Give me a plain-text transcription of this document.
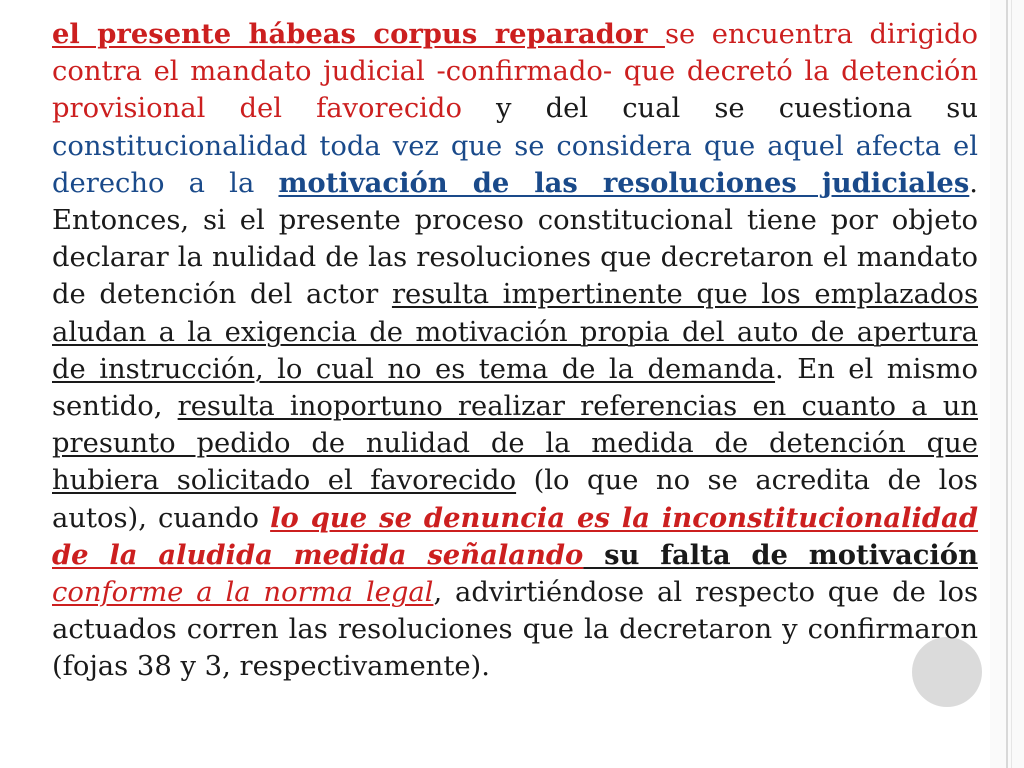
el presente hábeas corpus reparador se encuentra dirigido contra el mandato judicial -confirmado- que decretó la detención provisional del favorecido y del cual se cuestiona su constitucionalidad toda vez que se considera que aquel afecta el derecho a la motivación de las resoluciones judiciales. Entonces, si el presente proceso constitucional tiene por objeto declarar la nulidad de las resoluciones que decretaron el mandato de detención del actor resulta impertinente que los emplazados aludan a la exigencia de motivación propia del auto de apertura de instrucción, lo cual no es tema de la demanda. En el mismo sentido, resulta inoportuno realizar referencias en cuanto a un presunto pedido de nulidad de la medida de detención que hubiera solicitado el favorecido (lo que no se acredita de los autos), cuando lo que se denuncia es la inconstitucionalidad de la aludida medida señalando su falta de motivación conforme a la norma legal, advirtiéndose al respecto que de los actuados corren las resoluciones que la decretaron y confirmaron (fojas 38 y 3, respectivamente).
